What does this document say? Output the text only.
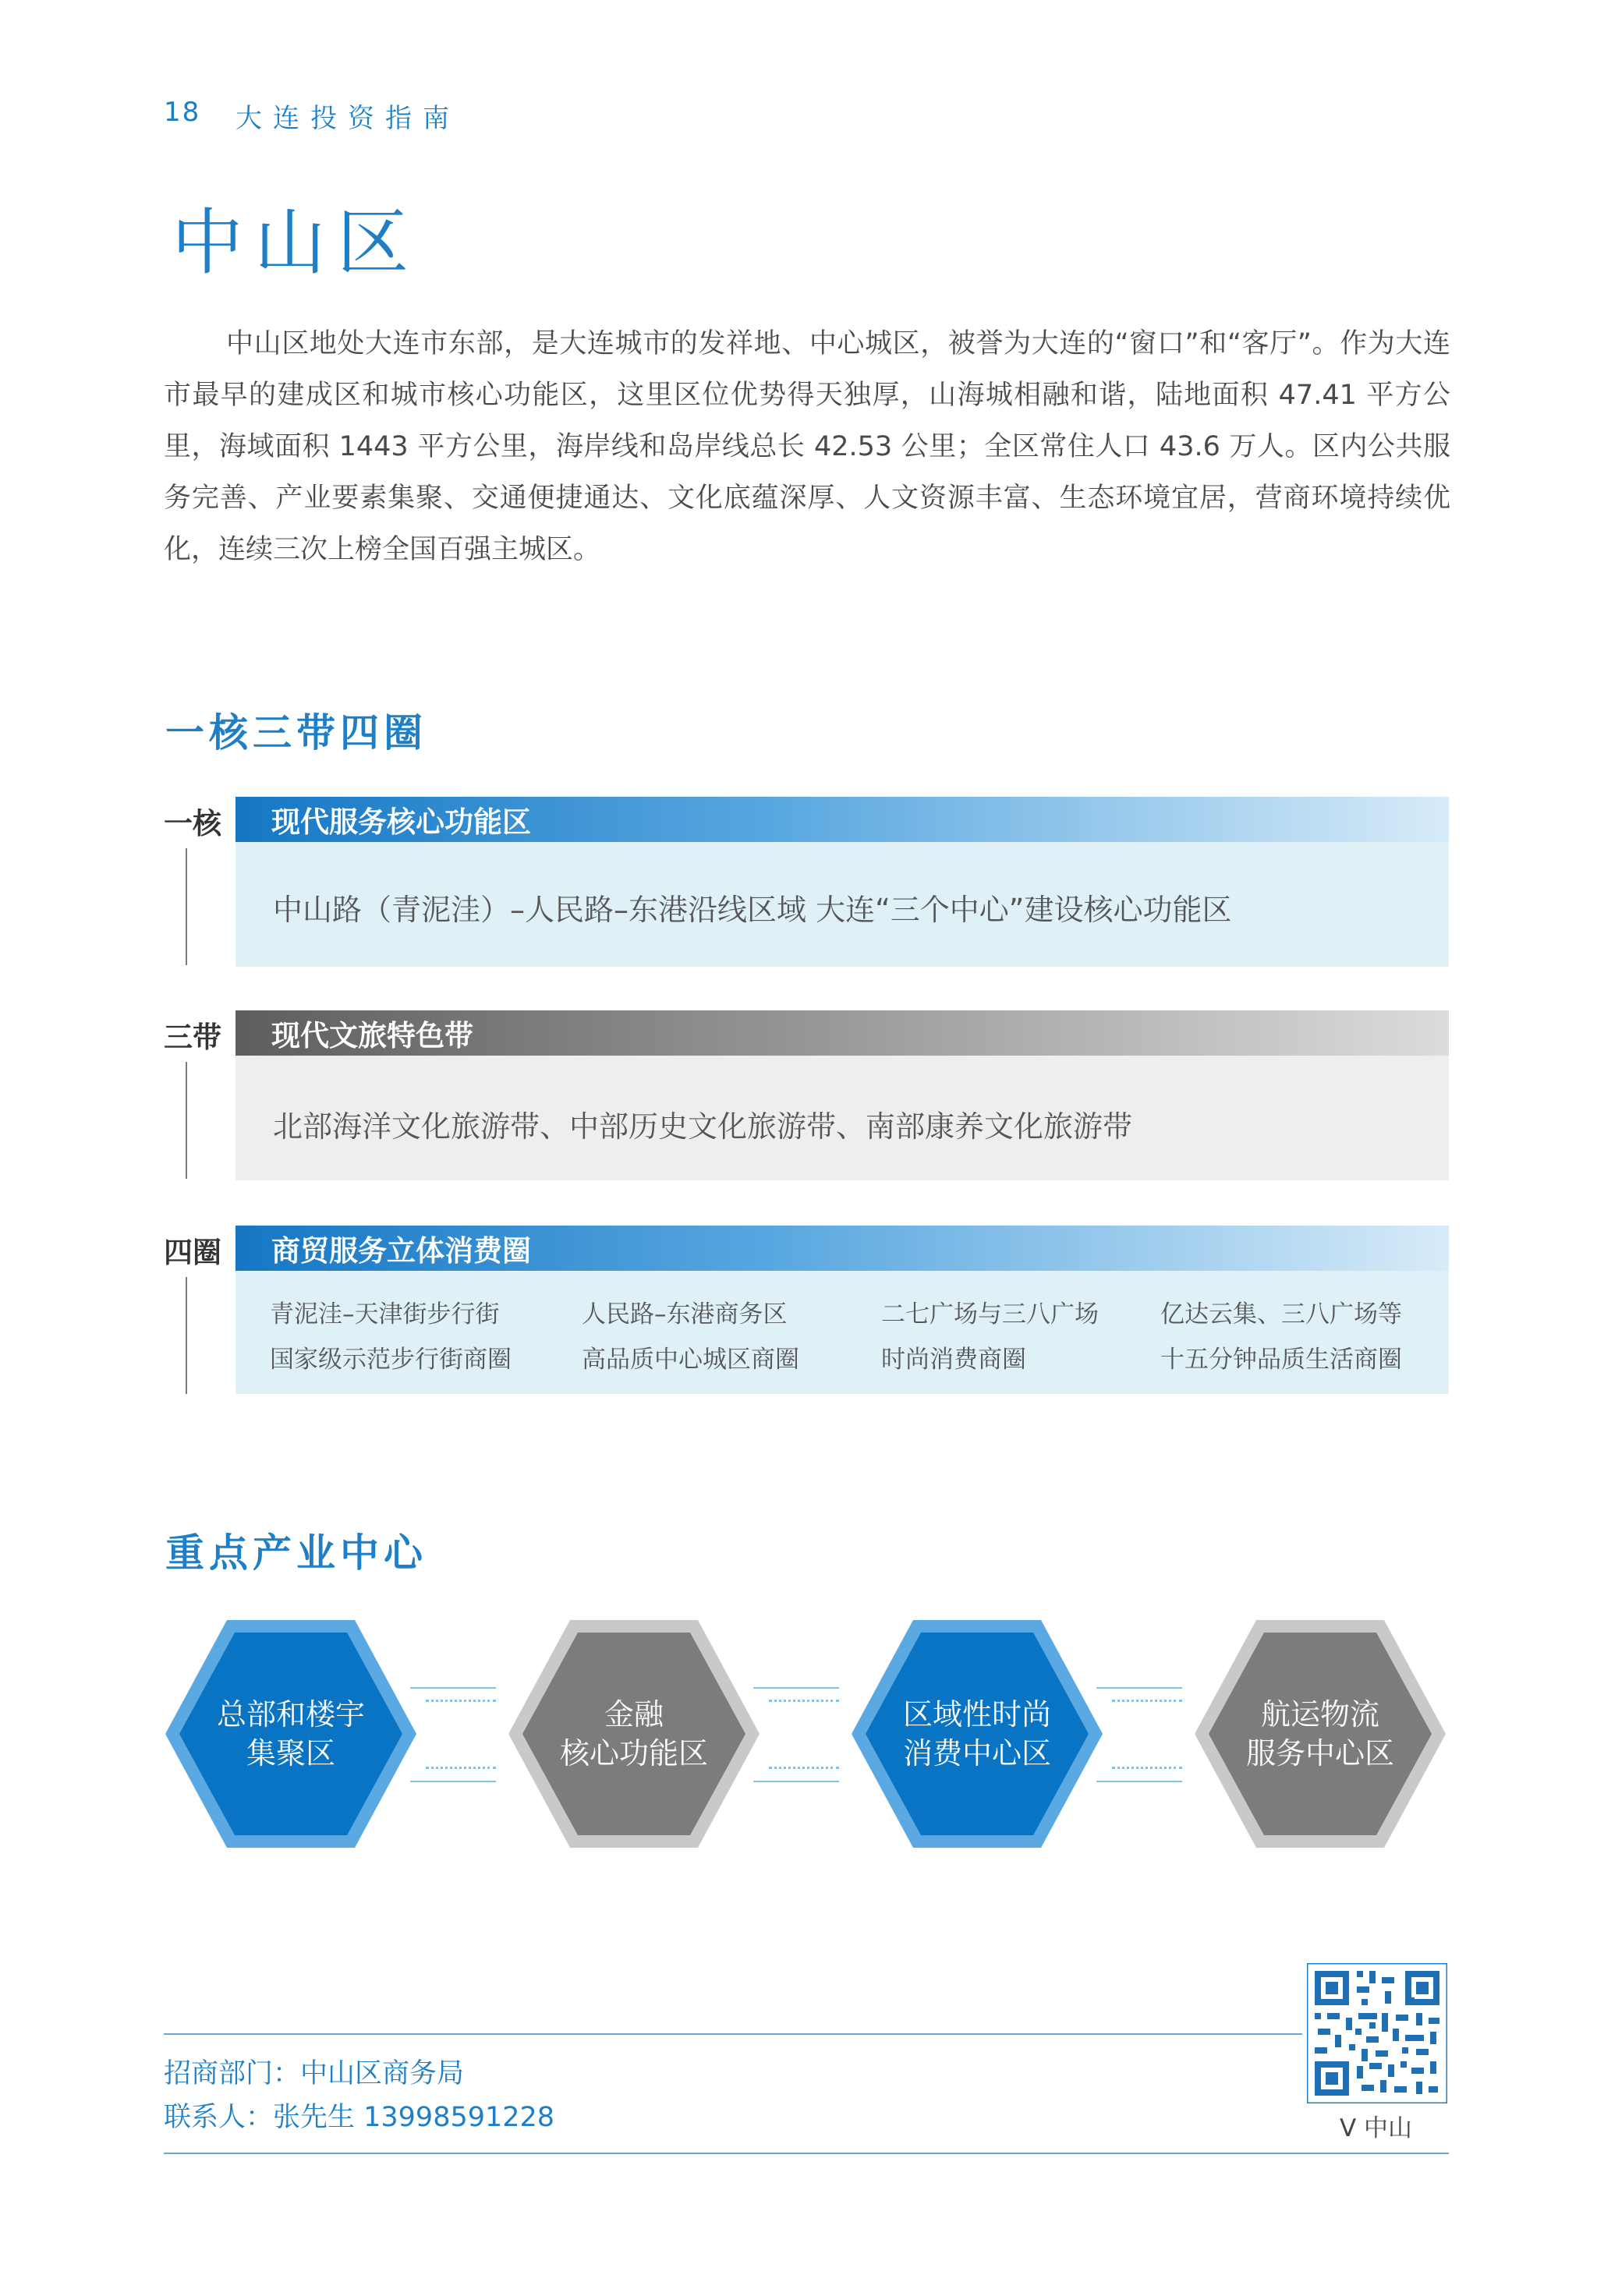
18 大连投资指南
中山区

中山区地处大连市东部，是大连城市的发祥地、中心城区，被誉为大连的“窗口”和“客厅”。作为大连市最早的建成区和城市核心功能区，这里区位优势得天独厚，山海城相融和谐，陆地面积 47.41 平方公里，海域面积 1443 平方公里，海岸线和岛岸线总长 42.53 公里；全区常住人口 43.6 万人。区内公共服务完善、产业要素集聚、交通便捷通达、文化底蕴深厚、人文资源丰富、生态环境宜居，营商环境持续优化，连续三次上榜全国百强主城区。

一核三带四圈
一核	现代服务核心功能区
中山路（青泥洼）–人民路–东港沿线区域 大连“三个中心”建设核心功能区
三带	现代文旅特色带
北部海洋文化旅游带、中部历史文化旅游带、南部康养文化旅游带
四圈	商贸服务立体消费圈
青泥洼–天津街步行街
国家级示范步行街商圈
人民路–东港商务区
高品质中心城区商圈
二七广场与三八广场
时尚消费商圈
亿达云集、三八广场等
十五分钟品质生活商圈
重点产业中心
总部和楼宇
集聚区
金融
核心功能区
区域性时尚
消费中心区
航运物流
服务中心区
招商部门：中山区商务局
联系人：张先生 13998591228	V 中山
